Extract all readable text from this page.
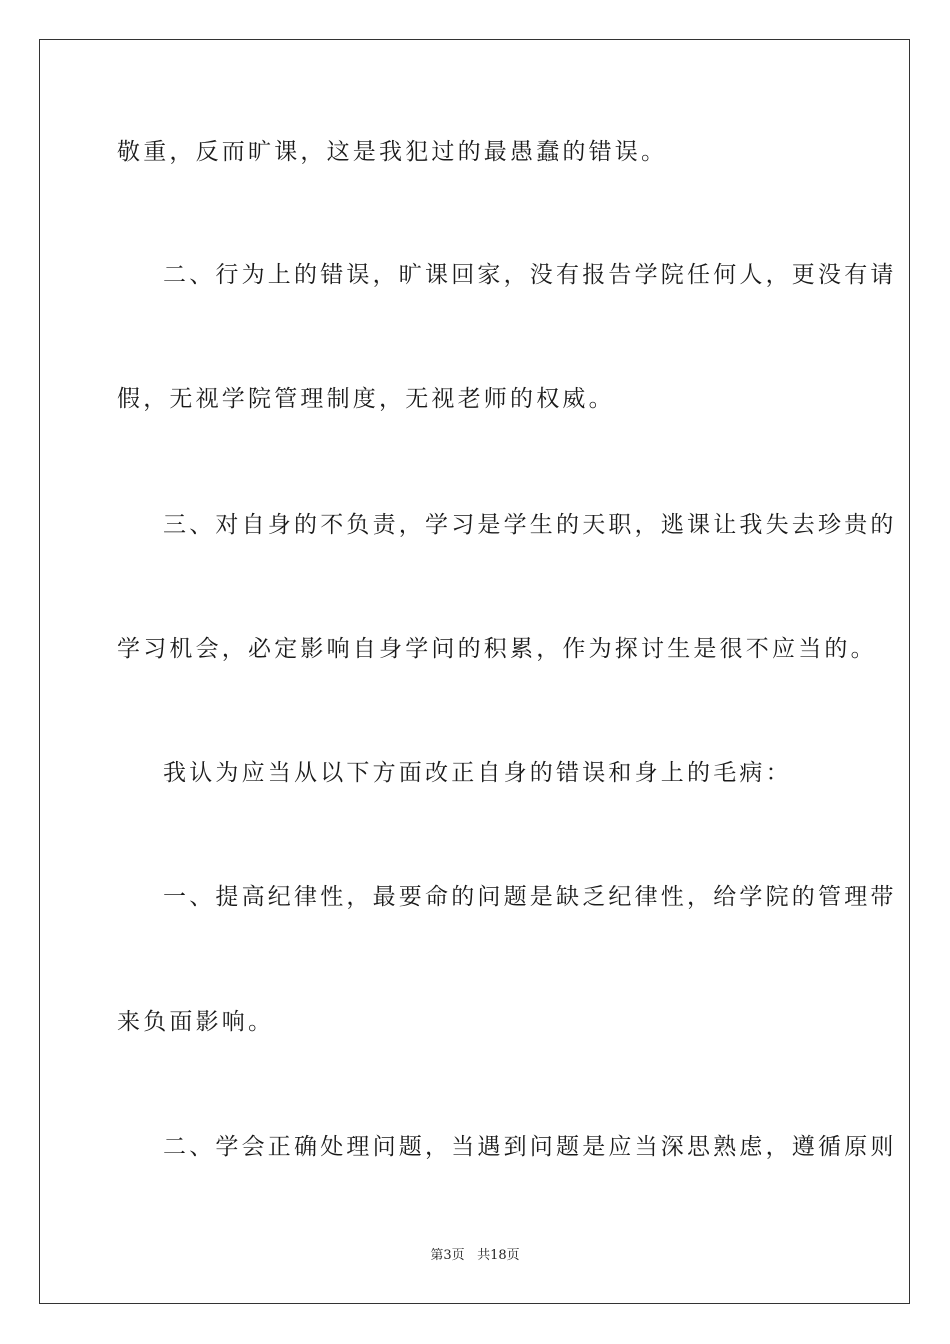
敬重，反而旷课，这是我犯过的最愚蠢的错误。
二、行为上的错误，旷课回家，没有报告学院任何人，更没有请
假，无视学院管理制度，无视老师的权威。
三、对自身的不负责，学习是学生的天职，逃课让我失去珍贵的
学习机会，必定影响自身学问的积累，作为探讨生是很不应当的。
我认为应当从以下方面改正自身的错误和身上的毛病：
一、提高纪律性，最要命的问题是缺乏纪律性，给学院的管理带
来负面影响。
二、学会正确处理问题，当遇到问题是应当深思熟虑，遵循原则
第3页 共18页
